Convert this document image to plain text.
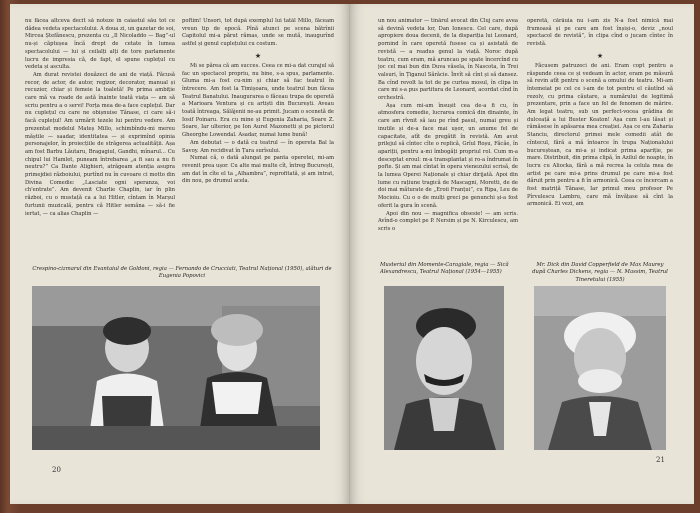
nu făcea altceva decît să noteze în caiastul său tot ce dădea vedeta spectacolului. A doua zi, un gazetar de soi, Mircea Ștefănescu, prezenta cu „Il Nicoladdo — Bag”-ul nu-și căptușea încă drept de cetate în lumea spectacolului — lui și ceilalți alți de tore parlamente lucru de impresia că, de fapt, el spune cuplețul cu vedeta și asculta.

Am durat revistei douăzeci de ani de viață. Făcusă recor, de actor, de autor, regizor, decorator, manual și recuzier, chiar și femeie la toaletă! Pe prima ambiție care mă va roade de astă înainte toată viața — am să scriu pentru a o servi! Forța mea de-a face cuplețul. Dar nu cuplețul cu care ne obișnuise Tănase, ci care să-i facă cuplețul! Am urmărit tezele lui pentru vedere. Am prezentat modelul Mateș Millo, schimbîndu-mi mereu măștile — saadar, identitatea — și exprimînd opinia personajelor, în proiecțiile de străgerea actualității. Așa am fost Barbu Lăutaru, Bragagiul, Gandhi, mînarul... Cu chipul lui Hamlet, puneam întrebarea „a fi sau a nu fi neutru?” Ca Dante Alighieri, atrăgeam atenția asupra primejdiei războiului, purtînd nu în cuvoare ci motto din Divina Comedie: „Lasciate ogni speranza, voi ch'entrate”. Am devenit Charlie Chaplin, iar în plin război, cu o mustață ca a lui Hitler, cîntam în Marșul furtunii muzicală, pentru că Hitler semăna — să-i fie iertat, — ca alias Chaplin —

poftim! Unsori, tot după exemplul lui tatăl Millo, făceam vreun tip de epocă. Pînă atunci pe scena bătrînii Capitolul mi-a părut rămas, unde se mută, inaugurînd astfel și genul cuplețului cu costum.

★

Mi se părea că am succes. Ceea ce mi-a dat curajul să fac un spectacol propriu, nu bine, s-a spus, parlamente. Gluma mi-a fost cu-nim și chiar să fac teatrul în întrecere. Am fost la Timișoara, unde teatrul bun făcea Teatrul Banatului. Inaugurarea o făceau trupa de operetă a Marioara Ventura și cu artiști din București. Aveau toată întreaga, Sălăjenii ne-au primit. Jucam o scenetă de Iosif Poinaru. Era cu mine și Eugenia Zaharia, Soare Z. Soare, Iar ulterior, pe Ion Aurel Mazonetti și pe pictorul Gheorghe Lowendal. Asadar, numai lume bună!

Am debutat — o dată cu teatrul — în opereta Bal la Savoy. Am recidivat în Țara surîsului.

Numai că, o dată alungat pe panta operetei, mi-am revenit prea ușor. Cu alte mai multe cît, întreg București, am dat în cîte el ta „Alhambra”, reprofitată, și am intrat, din nou, pe drumul acela.

Crespino-cizmarul din Evantaiul de Goldoni, regia — Fernando de Crucciati, Teatrul Național (1950), alături de Eugenia Popovici
20

un nou animator — tînărul avocat din Cluj care avea să devină vedeta lor, Dan Ionescu. Cel care, după apropiere doua decenii, de la dispariția lui Leonard, pornind în care operetă fusese ca și asistată de revistă — a readus genul la viață. Noroc după teatru, cum eram, mă aruncau pe spate încercînd cu joc cel mai bun din Duva văsela, în Nascota, în Trei valsuri, în Țiganul Sărăcie. Învît să cînt și să dansez. Ba cînd revolt la tot de pe curtea mosul, în clipa in care mi s-a pus partitura de Leonard, acordat cînd în orchestră.

Așa cum mi-am însușit cea de-a fi cu, în atmosfera comedie, lucrarea comică din dinainte, în care am rîvnit să iau pe rînd pasul, numai greu și inutile și de-a face mai ușor, un anume fel de capacitate, atît de pregătit în revistă. Am avut prilejul să cîntec cîte o replică, Grîul Roșu, Făcăe, în apariții, pentru a-mi îmbogăți propriul rol. Cum m-a desceptat eroul: m-a transplantat și ro-a îndrumat în pofte. Și am mai cîntat în opera vienezului scrisă, de la lumea Operei Naționale și chiar dirijată. Apoi din lume cu rațiune tragică de Mascagni, Moretti, de de doi mai măturate de „Eroii Franțui”, cu Ripa, Leu de Mocioiu. Cu o o de mulți greci pe genunchi și-a fost oferit la gura în scenă.

Apoi din nou — magnifica obsesie! — am scris. Avînd-o complet pe P. Nersim și pe N. Kirculescu, am scris o

operetă, cărăuia nu i-am zis N-a fost nimică mai frumoasă și pe care am fost înșiși-o, deviz „noul spectacol de revistă”, în clipa cînd o jucam cîntec în revistă.

★

Făcusem patruzeci de ani. Eram copt pentru a răspunde ceea ce și vedeam în actor, eram pe măsură să revin atît pentru o scenă a omului de teatru. Mi-am întemeiat pe cel ce i-am de tot pentru el căutînd să rezolv, cu prima căutare, a numărului de legitimă prezentare, prin a face un fel de fenomen de mărire. Am legat teatru, sub un perfect-vocea grădina de dulceață a lui Buster Keaton! Așa cum l-au lăsat și rămăsese în apăsarea mea creației. Așa ce era Zaharia Stanciu, directorul primei mele comedii atât de cîntecul, fără a mă întoarce în trupa Naționalului bucureștean, ca mi-a și indicat prima apariție, pe mare. Distribuit, din prima clipă, în Azilul de noapte, în lucru cu Aliocka, fără a mă recrea la celula mea de artist pe care mi-a prins drumul pe care mi-a fost dăruit prin pentru a fi în armonică. Ceea ce încercam a fost matriță Tănase, Iar primul meu profesor Pe Pîrvulescu Lambru, care mă învățase să cînt la armonică. Ei vezi, am

Musteriul din Momente-Caragiale, regia — Sică Alexandrescu, Teatrul Național (1954—1955)
Mr. Dick din David Copperfield de Max Maurey după Charles Dickens, regia — N. Massim, Teatrul Tineretului (1955)
21
